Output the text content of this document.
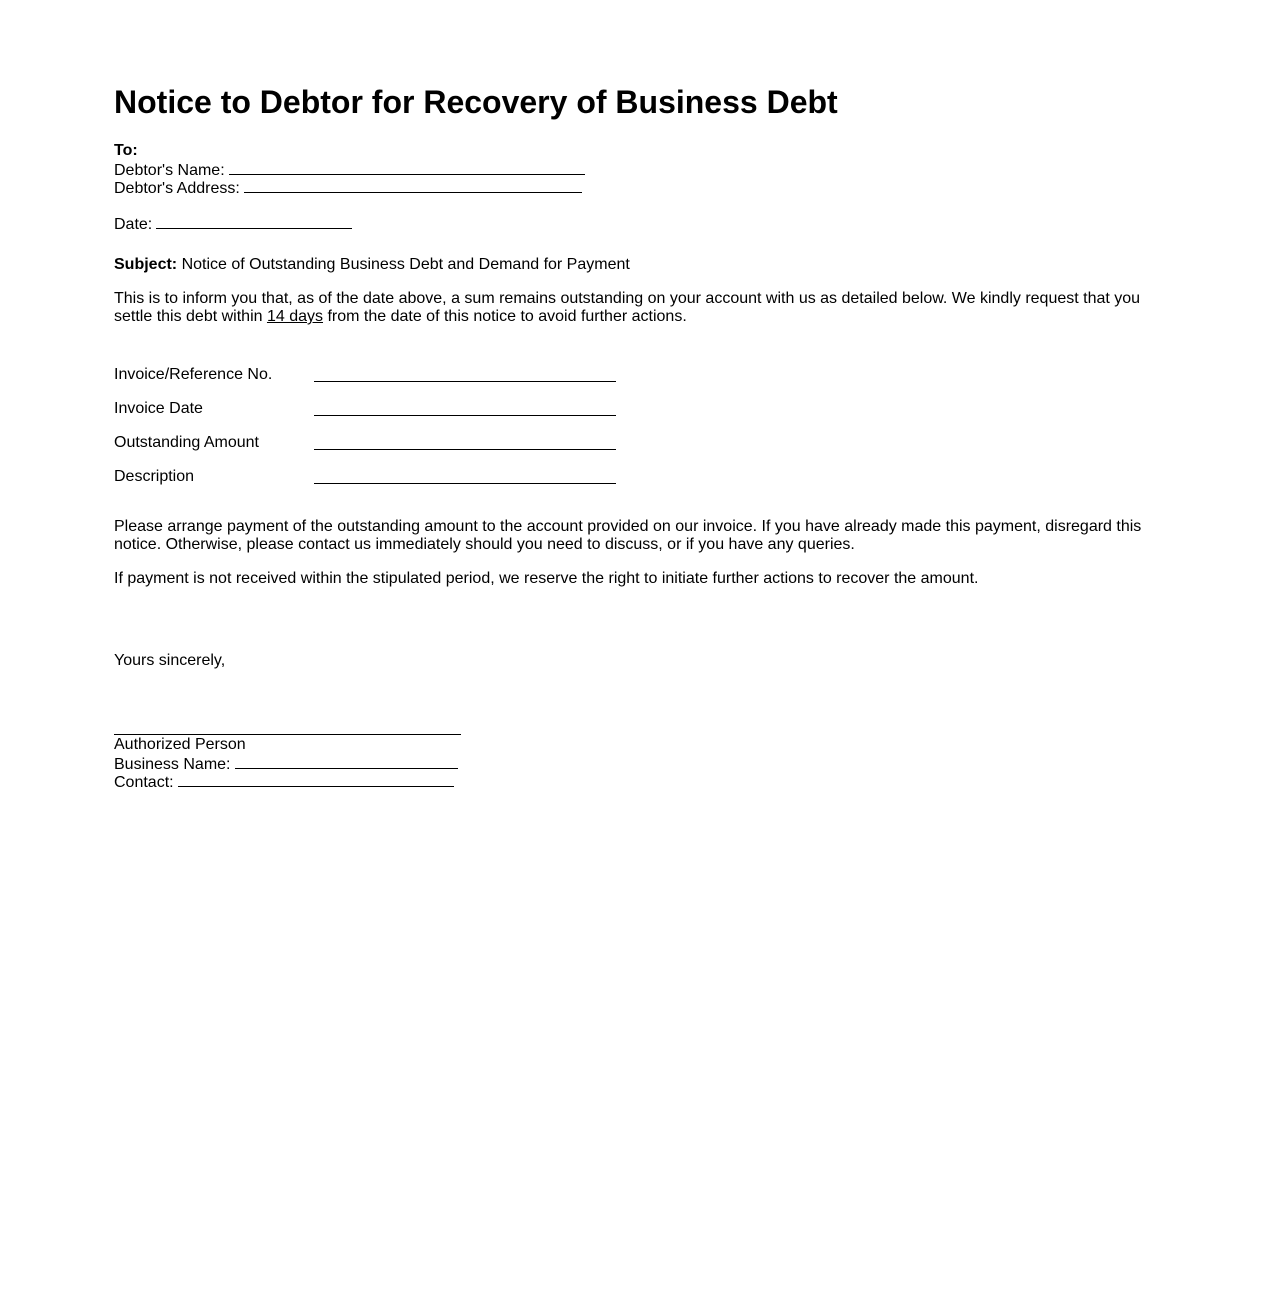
Notice to Debtor for Recovery of Business Debt
To:
Debtor's Name:
Debtor's Address:
Date:
Subject: Notice of Outstanding Business Debt and Demand for Payment

This is to inform you that, as of the date above, a sum remains outstanding on your account with us as detailed below. We kindly request that you settle this debt within 14 days from the date of this notice to avoid further actions.

Invoice/Reference No.
Invoice Date
Outstanding Amount
Description

Please arrange payment of the outstanding amount to the account provided on our invoice. If you have already made this payment, disregard this notice. Otherwise, please contact us immediately should you need to discuss, or if you have any queries.

If payment is not received within the stipulated period, we reserve the right to initiate further actions to recover the amount.

Yours sincerely,
Authorized Person
Business Name:
Contact:
